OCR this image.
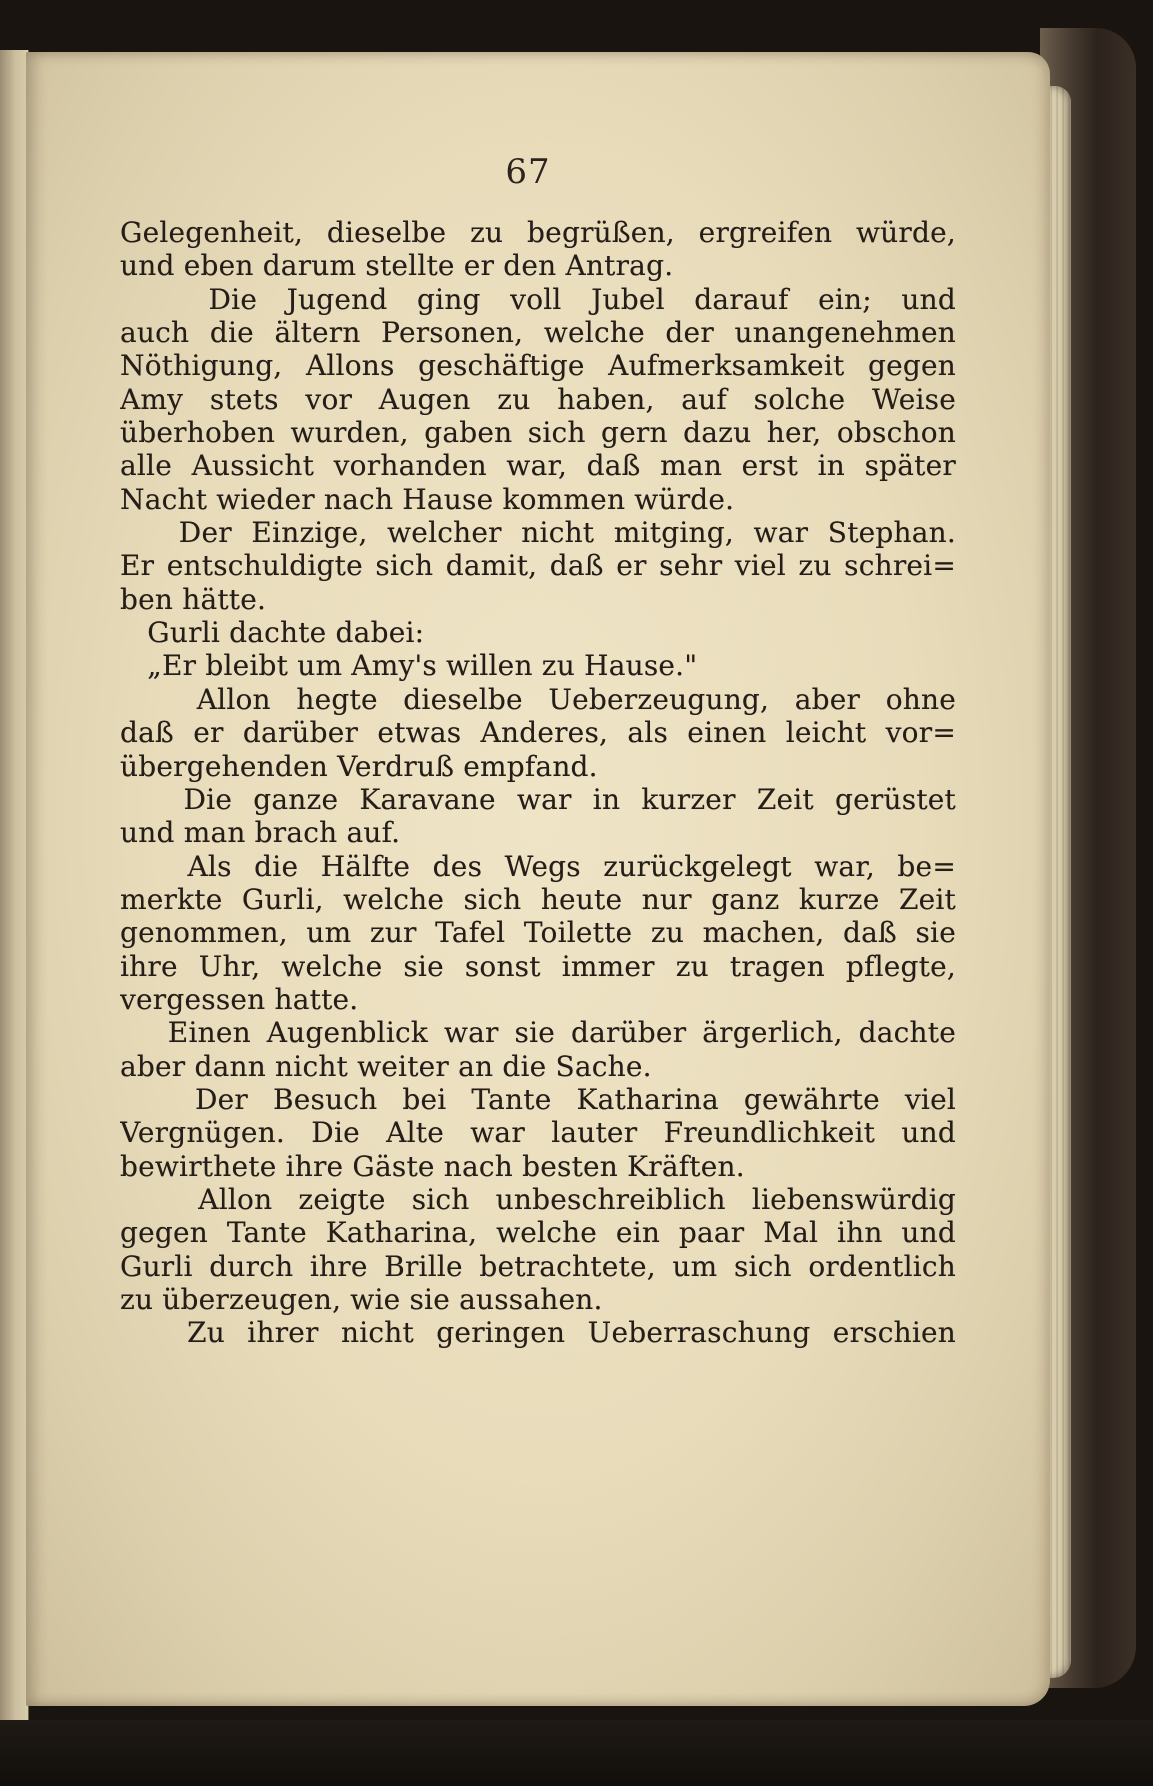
67
Gelegenheit, dieselbe zu begrüßen, ergreifen würde,
und eben darum stellte er den Antrag.
Die Jugend ging voll Jubel darauf ein; und
auch die ältern Personen, welche der unangenehmen
Nöthigung, Allons geschäftige Aufmerksamkeit gegen
Amy stets vor Augen zu haben, auf solche Weise
überhoben wurden, gaben sich gern dazu her, obschon
alle Aussicht vorhanden war, daß man erst in später
Nacht wieder nach Hause kommen würde.
Der Einzige, welcher nicht mitging, war Stephan.
Er entschuldigte sich damit, daß er sehr viel zu schrei=
ben hätte.
Gurli dachte dabei:
„Er bleibt um Amy's willen zu Hause."
Allon hegte dieselbe Ueberzeugung, aber ohne
daß er darüber etwas Anderes, als einen leicht vor=
übergehenden Verdruß empfand.
Die ganze Karavane war in kurzer Zeit gerüstet
und man brach auf.
Als die Hälfte des Wegs zurückgelegt war, be=
merkte Gurli, welche sich heute nur ganz kurze Zeit
genommen, um zur Tafel Toilette zu machen, daß sie
ihre Uhr, welche sie sonst immer zu tragen pflegte,
vergessen hatte.
Einen Augenblick war sie darüber ärgerlich, dachte
aber dann nicht weiter an die Sache.
Der Besuch bei Tante Katharina gewährte viel
Vergnügen. Die Alte war lauter Freundlichkeit und
bewirthete ihre Gäste nach besten Kräften.
Allon zeigte sich unbeschreiblich liebenswürdig
gegen Tante Katharina, welche ein paar Mal ihn und
Gurli durch ihre Brille betrachtete, um sich ordentlich
zu überzeugen, wie sie aussahen.
Zu ihrer nicht geringen Ueberraschung erschien
